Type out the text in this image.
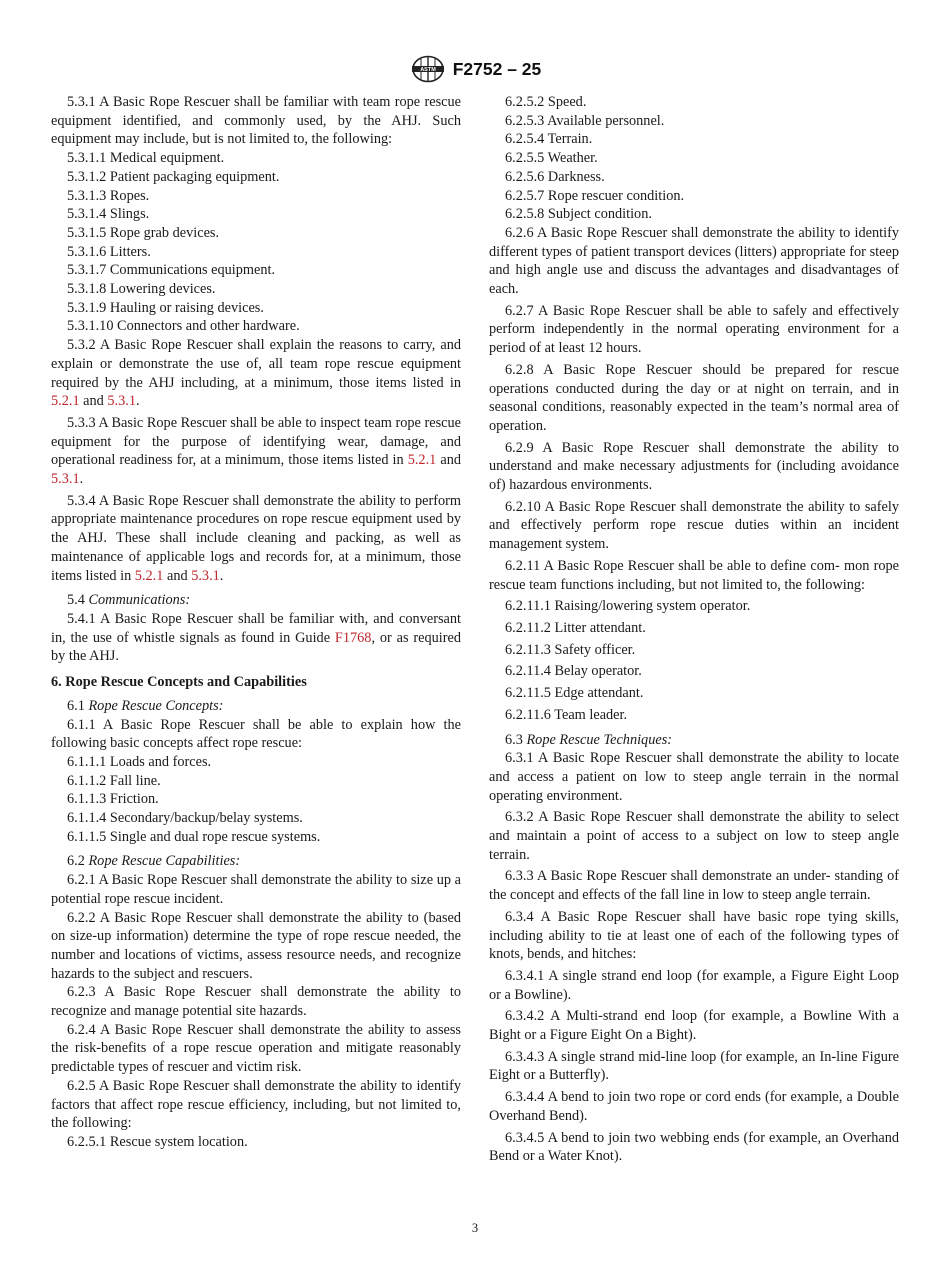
ASTM F2752 – 25

5.3.1 A Basic Rope Rescuer shall be familiar with team rope rescue equipment identified, and commonly used, by the AHJ. Such equipment may include, but is not limited to, the following:

5.3.1.1 Medical equipment.

5.3.1.2 Patient packaging equipment.

5.3.1.3 Ropes.

5.3.1.4 Slings.

5.3.1.5 Rope grab devices.

5.3.1.6 Litters.

5.3.1.7 Communications equipment.

5.3.1.8 Lowering devices.

5.3.1.9 Hauling or raising devices.

5.3.1.10 Connectors and other hardware.

5.3.2 A Basic Rope Rescuer shall explain the reasons to carry, and explain or demonstrate the use of, all team rope rescue equipment required by the AHJ including, at a minimum, those items listed in 5.2.1 and 5.3.1.

5.3.3 A Basic Rope Rescuer shall be able to inspect team rope rescue equipment for the purpose of identifying wear, damage, and operational readiness for, at a minimum, those items listed in 5.2.1 and 5.3.1.

5.3.4 A Basic Rope Rescuer shall demonstrate the ability to perform appropriate maintenance procedures on rope rescue equipment used by the AHJ. These shall include cleaning and packing, as well as maintenance of applicable logs and records for, at a minimum, those items listed in 5.2.1 and 5.3.1.

5.4 Communications:

5.4.1 A Basic Rope Rescuer shall be familiar with, and conversant in, the use of whistle signals as found in Guide F1768, or as required by the AHJ.

6. Rope Rescue Concepts and Capabilities

6.1 Rope Rescue Concepts:

6.1.1 A Basic Rope Rescuer shall be able to explain how the following basic concepts affect rope rescue:

6.1.1.1 Loads and forces.

6.1.1.2 Fall line.

6.1.1.3 Friction.

6.1.1.4 Secondary/backup/belay systems.

6.1.1.5 Single and dual rope rescue systems.

6.2 Rope Rescue Capabilities:

6.2.1 A Basic Rope Rescuer shall demonstrate the ability to size up a potential rope rescue incident.

6.2.2 A Basic Rope Rescuer shall demonstrate the ability to (based on size-up information) determine the type of rope rescue needed, the number and locations of victims, assess resource needs, and recognize hazards to the subject and rescuers.

6.2.3 A Basic Rope Rescuer shall demonstrate the ability to recognize and manage potential site hazards.

6.2.4 A Basic Rope Rescuer shall demonstrate the ability to assess the risk-benefits of a rope rescue operation and mitigate reasonably predictable types of rescuer and victim risk.

6.2.5 A Basic Rope Rescuer shall demonstrate the ability to identify factors that affect rope rescue efficiency, including, but not limited to, the following:

6.2.5.1 Rescue system location.

6.2.5.2 Speed.

6.2.5.3 Available personnel.

6.2.5.4 Terrain.

6.2.5.5 Weather.

6.2.5.6 Darkness.

6.2.5.7 Rope rescuer condition.

6.2.5.8 Subject condition.

6.2.6 A Basic Rope Rescuer shall demonstrate the ability to identify different types of patient transport devices (litters) appropriate for steep and high angle use and discuss the advantages and disadvantages of each.

6.2.7 A Basic Rope Rescuer shall be able to safely and effectively perform independently in the normal operating environment for a period of at least 12 hours.

6.2.8 A Basic Rope Rescuer should be prepared for rescue operations conducted during the day or at night on terrain, and in seasonal conditions, reasonably expected in the team’s normal area of operation.

6.2.9 A Basic Rope Rescuer shall demonstrate the ability to understand and make necessary adjustments for (including avoidance of) hazardous environments.

6.2.10 A Basic Rope Rescuer shall demonstrate the ability to safely and effectively perform rope rescue duties within an incident management system.

6.2.11 A Basic Rope Rescuer shall be able to define com- mon rope rescue team functions including, but not limited to, the following:

6.2.11.1 Raising/lowering system operator.

6.2.11.2 Litter attendant.

6.2.11.3 Safety officer.

6.2.11.4 Belay operator.

6.2.11.5 Edge attendant.

6.2.11.6 Team leader.

6.3 Rope Rescue Techniques:

6.3.1 A Basic Rope Rescuer shall demonstrate the ability to locate and access a patient on low to steep angle terrain in the normal operating environment.

6.3.2 A Basic Rope Rescuer shall demonstrate the ability to select and maintain a point of access to a subject on low to steep angle terrain.

6.3.3 A Basic Rope Rescuer shall demonstrate an under- standing of the concept and effects of the fall line in low to steep angle terrain.

6.3.4 A Basic Rope Rescuer shall have basic rope tying skills, including ability to tie at least one of each of the following types of knots, bends, and hitches:

6.3.4.1 A single strand end loop (for example, a Figure Eight Loop or a Bowline).

6.3.4.2 A Multi-strand end loop (for example, a Bowline With a Bight or a Figure Eight On a Bight).

6.3.4.3 A single strand mid-line loop (for example, an In-line Figure Eight or a Butterfly).

6.3.4.4 A bend to join two rope or cord ends (for example, a Double Overhand Bend).

6.3.4.5 A bend to join two webbing ends (for example, an Overhand Bend or a Water Knot).

3
